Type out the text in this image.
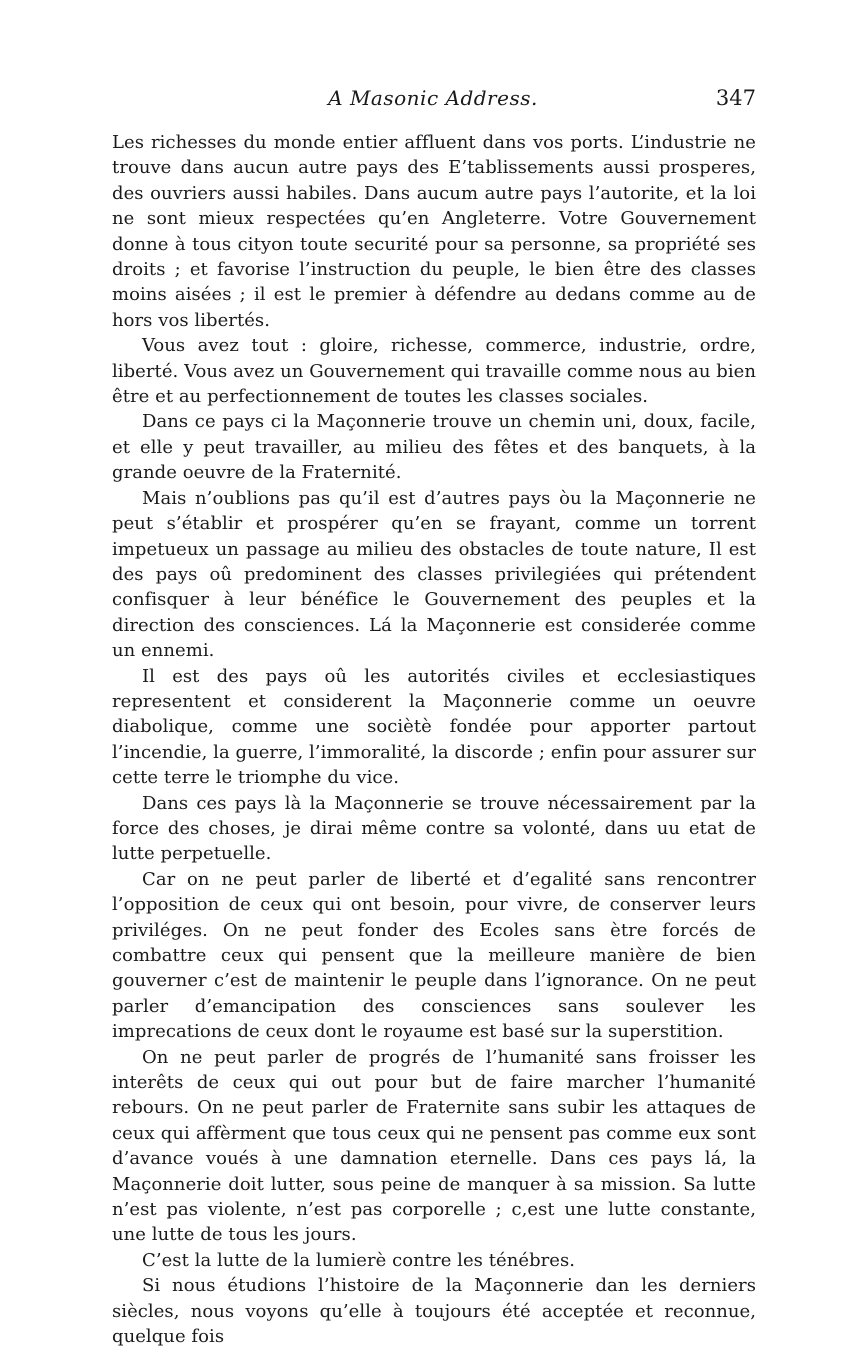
A Masonic Address.	347

Les richesses du monde entier affluent dans vos ports. L’industrie ne trouve dans aucun autre pays des E’tablissements aussi prosperes, des ouvriers aussi habiles. Dans aucum autre pays l’autorite, et la loi ne sont mieux respectées qu’en Angleterre. Votre Gouvernement donne à tous cityon toute securité pour sa personne, sa propriété ses droits ; et favorise l’instruction du peuple, le bien être des classes moins aisées ; il est le premier à défendre au dedans comme au de hors vos libertés.

Vous avez tout : gloire, richesse, commerce, industrie, ordre, liberté. Vous avez un Gouvernement qui travaille comme nous au bien être et au perfectionnement de toutes les classes sociales.

Dans ce pays ci la Maçonnerie trouve un chemin uni, doux, facile, et elle y peut travailler, au milieu des fêtes et des banquets, à la grande oeuvre de la Fraternité.

Mais n’oublions pas qu’il est d’autres pays òu la Maçonnerie ne peut s’établir et prospérer qu’en se frayant, comme un torrent impetueux un passage au milieu des obstacles de toute nature, Il est des pays oû predominent des classes privilegiées qui prétendent confisquer à leur bénéfice le Gouvernement des peuples et la direction des consciences. Lá la Maçonnerie est considerée comme un ennemi.

Il est des pays oû les autorités civiles et ecclesiastiques representent et considerent la Maçonnerie comme un oeuvre diabolique, comme une sociètè fondée pour apporter partout l’incendie, la guerre, l’immoralité, la discorde ; enfin pour assurer sur cette terre le triomphe du vice.

Dans ces pays là la Maçonnerie se trouve nécessairement par la force des choses, je dirai même contre sa volonté, dans uu etat de lutte perpetuelle.

Car on ne peut parler de liberté et d’egalité sans rencontrer l’opposition de ceux qui ont besoin, pour vivre, de conserver leurs priviléges. On ne peut fonder des Ecoles sans ètre forcés de combattre ceux qui pensent que la meilleure manière de bien gouverner c’est de maintenir le peuple dans l’ignorance. On ne peut parler d’emancipation des consciences sans soulever les imprecations de ceux dont le royaume est basé sur la superstition.

On ne peut parler de progrés de l’humanité sans froisser les interêts de ceux qui out pour but de faire marcher l’humanité rebours. On ne peut parler de Fraternite sans subir les attaques de ceux qui affèrment que tous ceux qui ne pensent pas comme eux sont d’avance voués à une damnation eternelle. Dans ces pays lá, la Maçonnerie doit lutter, sous peine de manquer à sa mission. Sa lutte n’est pas violente, n’est pas corporelle ; c,est une lutte constante, une lutte de tous les jours.

C’est la lutte de la lumierè contre les ténébres.

Si nous étudions l’histoire de la Maçonnerie dan les derniers siècles, nous voyons qu’elle à toujours été acceptée et reconnue, quelque fois
